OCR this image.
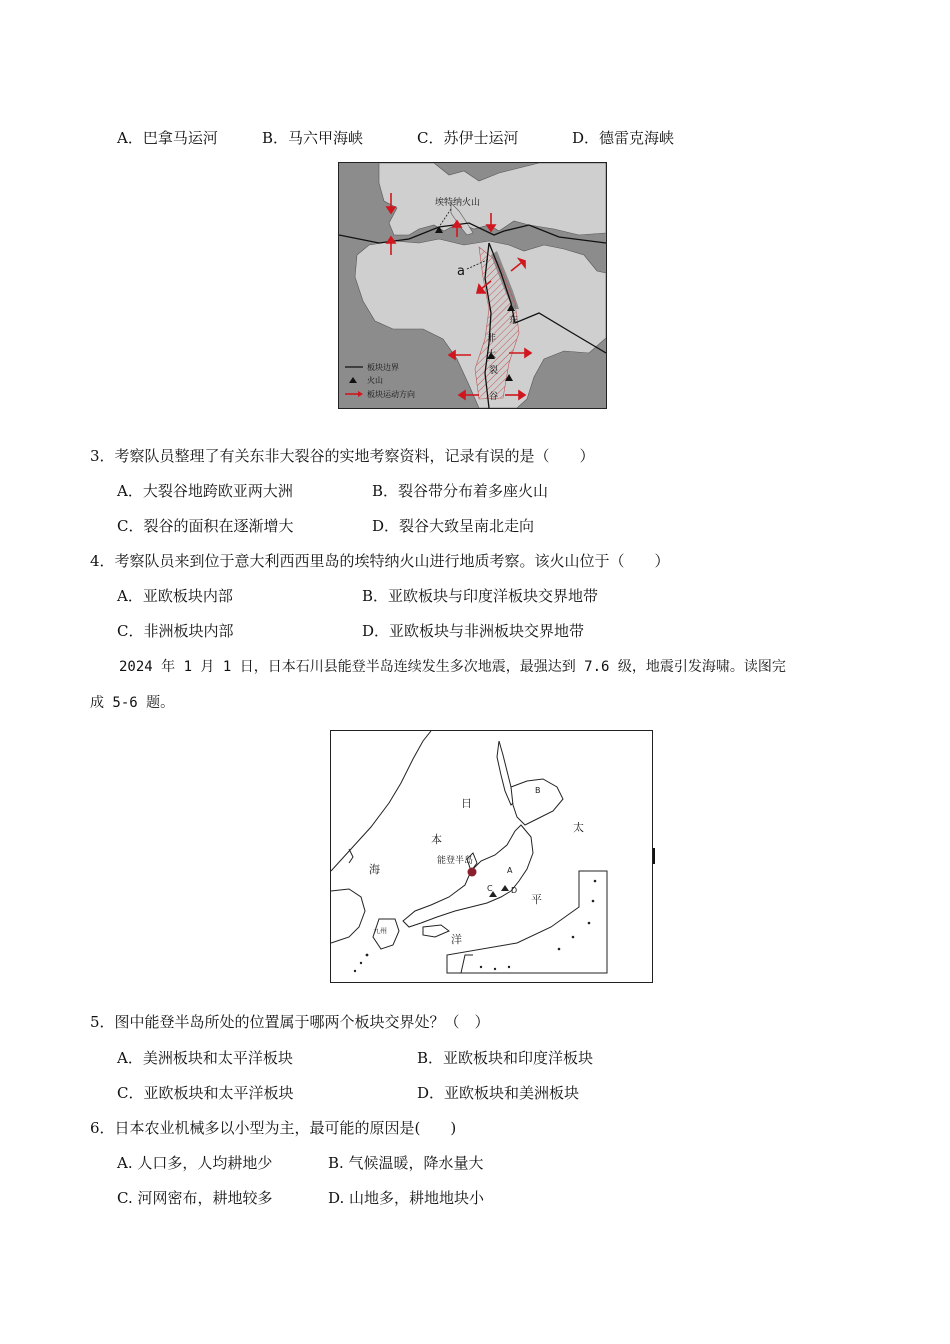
A．巴拿马运河	B．马六甲海峡	C．苏伊士运河	D．德雷克海峡
埃特纳火山
a
东
非
大
裂
谷
板块边界
火山
板块运动方向
3．考察队员整理了有关东非大裂谷的实地考察资料，记录有误的是（　　）
A．大裂谷地跨欧亚两大洲	B．裂谷带分布着多座火山
C．裂谷的面积在逐渐增大	D．裂谷大致呈南北走向
4．考察队员来到位于意大利西西里岛的埃特纳火山进行地质考察。该火山位于（　　）
A．亚欧板块内部	B．亚欧板块与印度洋板块交界地带
C．非洲板块内部	D．亚欧板块与非洲板块交界地带
2024 年 1 月 1 日，日本石川县能登半岛连续发生多次地震，最强达到 7.6 级，地震引发海啸。读图完
成 5-6 题。
日
本
海
太
平
洋
能登半岛
九州
A
B
C D
5．图中能登半岛所处的位置属于哪两个板块交界处？（　）
A．美洲板块和太平洋板块	B．亚欧板块和印度洋板块
C．亚欧板块和太平洋板块	D．亚欧板块和美洲板块
6．日本农业机械多以小型为主，最可能的原因是(　　)
A. 人口多，人均耕地少	B. 气候温暖，降水量大
C. 河网密布，耕地较多	D. 山地多，耕地地块小
